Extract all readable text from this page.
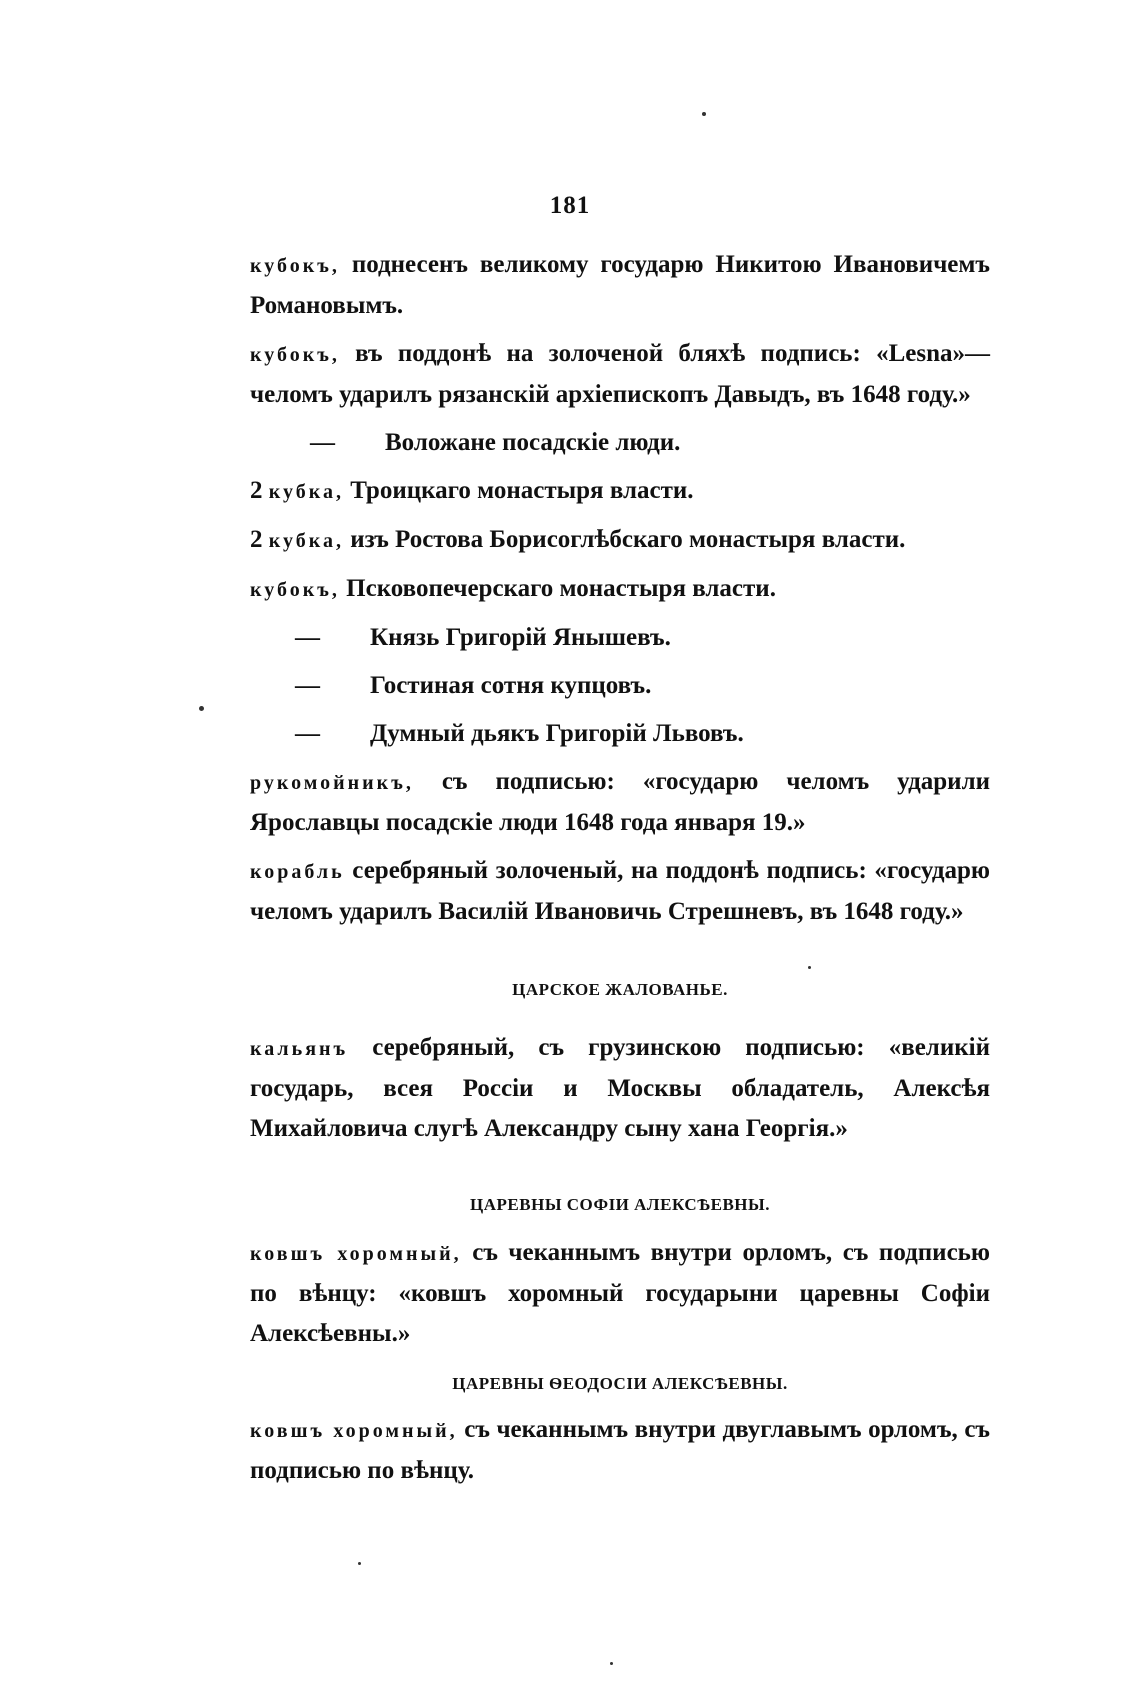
181

кубокъ, поднесенъ великому государю Никитою Ивановичемъ Романовымъ.

кубокъ, въ поддонѣ на золоченой бляхѣ подпись: «Lesna»—челомъ ударилъ рязанскій архіепископъ Давыдъ, въ 1648 году.»

— Воложане посадскіе люди.
2 кубка, Троицкаго монастыря власти.
2 кубка, изъ Ростова Борисоглѣбскаго монастыря власти.
кубокъ, Псковопечерскаго монастыря власти.
— Князь Григорій Янышевъ.
— Гостиная сотня купцовъ.
— Думный дьякъ Григорій Львовъ.

рукомойникъ, съ подписью: «государю челомъ ударили Ярославцы посадскіе люди 1648 года января 19.»

корабль серебряный золоченый, на поддонѣ подпись: «государю челомъ ударилъ Василій Ивановичь Стрешневъ, въ 1648 году.»

ЦАРСКОЕ ЖАЛОВАНЬЕ.

кальянъ серебряный, съ грузинскою подписью: «великій государь, всея Россіи и Москвы обладатель, Алексѣя Михайловича слугѣ Александру сыну хана Георгія.»

ЦАРЕВНЫ СОФІИ АЛЕКСѢЕВНЫ.

ковшъ хоромный, съ чеканнымъ внутри орломъ, съ подписью по вѣнцу: «ковшъ хоромный государыни царевны Софіи Алексѣевны.»

ЦАРЕВНЫ ѲЕОДОСІИ АЛЕКСѢЕВНЫ.

ковшъ хоромный, съ чеканнымъ внутри двуглавымъ орломъ, съ подписью по вѣнцу.
